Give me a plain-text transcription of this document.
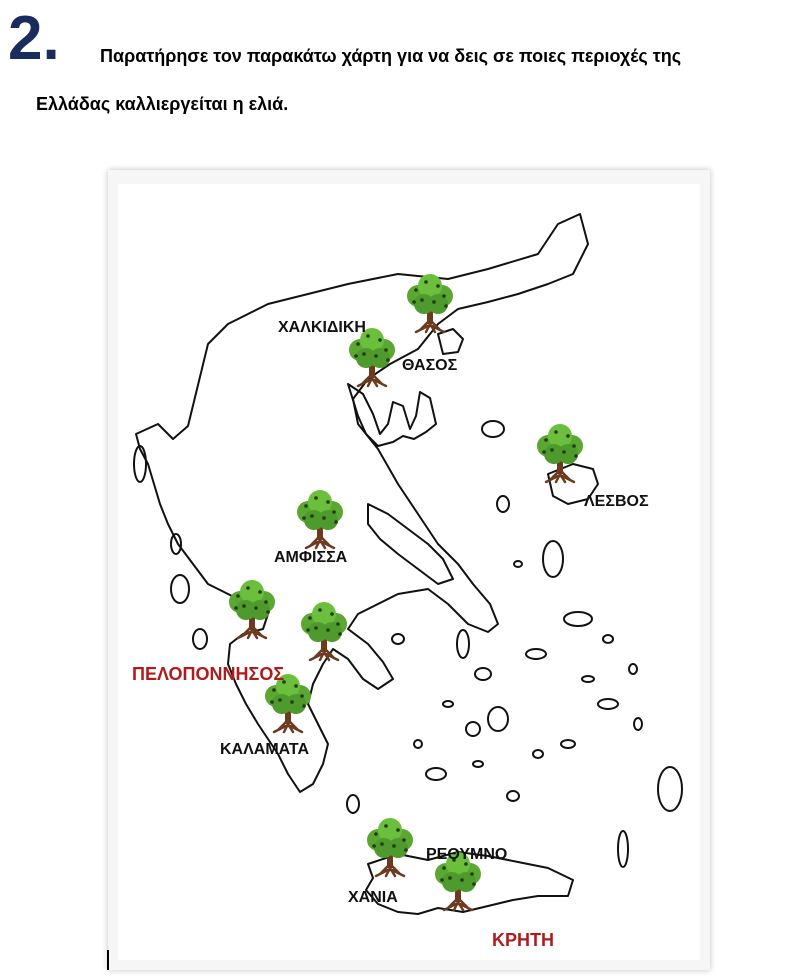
2. Παρατήρησε τον παρακάτω χάρτη για να δεις σε ποιες περιοχές της
Ελλάδας καλλιεργείται η ελιά.
ΧΑΛΚΙΔΙΚΗ
ΘΑΣΟΣ
ΛΕΣΒΟΣ
ΑΜΦΙΣΣΑ
ΠΕΛΟΠΟΝΝΗΣΟΣ
ΚΑΛΑΜΑΤΑ
ΡΕΘΥΜΝΟ
ΧΑΝΙΑ
ΚΡΗΤΗ
